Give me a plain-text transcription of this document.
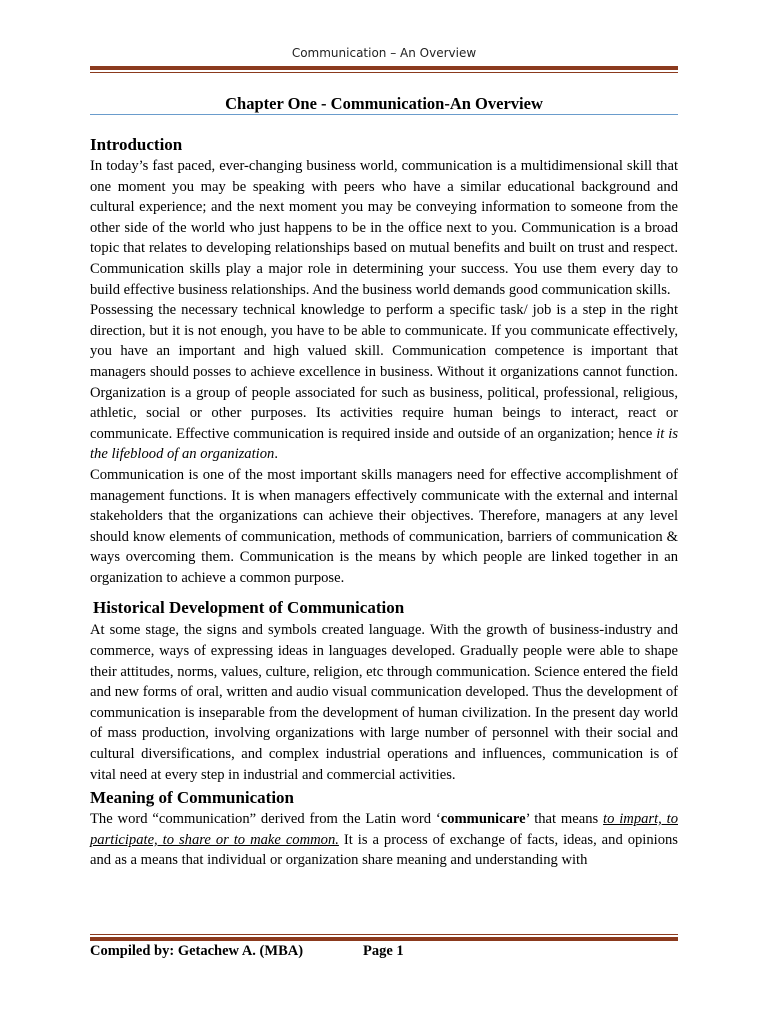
Communication – An Overview
Chapter One - Communication-An Overview
Introduction

In today’s fast paced, ever-changing business world, communication is a multidimensional skill that one moment you may be speaking with peers who have a similar educational background and cultural experience; and the next moment you may be conveying information to someone from the other side of the world who just happens to be in the office next to you. Communication is a broad topic that relates to developing relationships based on mutual benefits and built on trust and respect. Communication skills play a major role in determining your success. You use them every day to build effective business relationships. And the business world demands good communication skills.

Possessing the necessary technical knowledge to perform a specific task/ job is a step in the right direction, but it is not enough, you have to be able to communicate. If you communicate effectively, you have an important and high valued skill. Communication competence is important that managers should posses to achieve excellence in business. Without it organizations cannot function. Organization is a group of people associated for such as business, political, professional, religious, athletic, social or other purposes. Its activities require human beings to interact, react or communicate. Effective communication is required inside and outside of an organization; hence it is the lifeblood of an organization.

Communication is one of the most important skills managers need for effective accomplishment of management functions. It is when managers effectively communicate with the external and internal stakeholders that the organizations can achieve their objectives. Therefore, managers at any level should know elements of communication, methods of communication, barriers of communication & ways overcoming them. Communication is the means by which people are linked together in an organization to achieve a common purpose.

Historical Development of Communication

At some stage, the signs and symbols created language. With the growth of business-industry and commerce, ways of expressing ideas in languages developed. Gradually people were able to shape their attitudes, norms, values, culture, religion, etc through communication. Science entered the field and new forms of oral, written and audio visual communication developed. Thus the development of communication is inseparable from the development of human civilization. In the present day world of mass production, involving organizations with large number of personnel with their social and cultural diversifications, and complex industrial operations and influences, communication is of vital need at every step in industrial and commercial activities.

Meaning of Communication

The word “communication” derived from the Latin word ‘communicare’ that means to impart, to participate, to share or to make common. It is a process of exchange of facts, ideas, and opinions and as a means that individual or organization share meaning and understanding with

Compiled by: Getachew A. (MBA)	Page 1
